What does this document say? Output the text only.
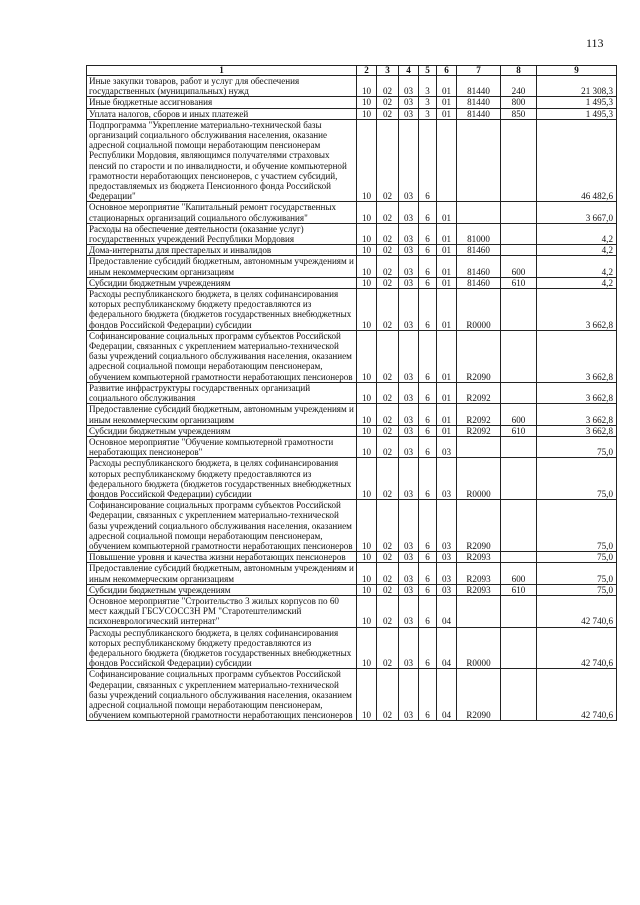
113
1	2	3	4	5	6	7	8	9
Иные закупки товаров, работ и услуг для обеспечения государственных (муниципальных) нужд	10	02	03	3	01	81440	240	21 308,3
Иные бюджетные ассигнования	10	02	03	3	01	81440	800	1 495,3
Уплата налогов, сборов и иных платежей	10	02	03	3	01	81440	850	1 495,3
Подпрограмма "Укрепление материально-технической базы организаций социального обслуживания населения, оказание адресной социальной помощи неработающим пенсионерам Республики Мордовия, являющимся получателями страховых пенсий по старости и по инвалидности, и обучение компьютерной грамотности неработающих пенсионеров, с участием субсидий, предоставляемых из бюджета Пенсионного фонда Российской Федерации"	10	02	03	6				46 482,6
Основное мероприятие "Капитальный ремонт государственных стационарных организаций социального обслуживания"	10	02	03	6	01			3 667,0
Расходы на обеспечение деятельности (оказание услуг) государственных учреждений Республики Мордовия	10	02	03	6	01	81000		4,2
Дома-интернаты для престарелых и инвалидов	10	02	03	6	01	81460		4,2
Предоставление субсидий бюджетным, автономным учреждениям и иным некоммерческим организациям	10	02	03	6	01	81460	600	4,2
Субсидии бюджетным учреждениям	10	02	03	6	01	81460	610	4,2
Расходы республиканского бюджета, в целях софинансирования которых республиканскому бюджету предоставляются из федерального бюджета (бюджетов государственных внебюджетных фондов Российской Федерации) субсидии	10	02	03	6	01	R0000		3 662,8
Софинансирование социальных программ субъектов Российской Федерации, связанных с укреплением материально-технической базы учреждений социального обслуживания населения, оказанием адресной социальной помощи неработающим пенсионерам, обучением компьютерной грамотности неработающих пенсионеров	10	02	03	6	01	R2090		3 662,8
Развитие инфраструктуры государственных организаций социального обслуживания	10	02	03	6	01	R2092		3 662,8
Предоставление субсидий бюджетным, автономным учреждениям и иным некоммерческим организациям	10	02	03	6	01	R2092	600	3 662,8
Субсидии бюджетным учреждениям	10	02	03	6	01	R2092	610	3 662,8
Основное мероприятие "Обучение компьютерной грамотности неработающих пенсионеров"	10	02	03	6	03			75,0
Расходы республиканского бюджета, в целях софинансирования которых республиканскому бюджету предоставляются из федерального бюджета (бюджетов государственных внебюджетных фондов Российской Федерации) субсидии	10	02	03	6	03	R0000		75,0
Софинансирование социальных программ субъектов Российской Федерации, связанных с укреплением материально-технической базы учреждений социального обслуживания населения, оказанием адресной социальной помощи неработающим пенсионерам, обучением компьютерной грамотности неработающих пенсионеров	10	02	03	6	03	R2090		75,0
Повышение уровня и качества жизни неработающих пенсионеров	10	02	03	6	03	R2093		75,0
Предоставление субсидий бюджетным, автономным учреждениям и иным некоммерческим организациям	10	02	03	6	03	R2093	600	75,0
Субсидии бюджетным учреждениям	10	02	03	6	03	R2093	610	75,0
Основное мероприятие "Строительство 3 жилых корпусов по 60 мест каждый ГБСУСОССЗН РМ "Старотештелимский психоневрологический интернат"	10	02	03	6	04			42 740,6
Расходы республиканского бюджета, в целях софинансирования которых республиканскому бюджету предоставляются из федерального бюджета (бюджетов государственных внебюджетных фондов Российской Федерации) субсидии	10	02	03	6	04	R0000		42 740,6
Софинансирование социальных программ субъектов Российской Федерации, связанных с укреплением материально-технической базы учреждений социального обслуживания населения, оказанием адресной социальной помощи неработающим пенсионерам, обучением компьютерной грамотности неработающих пенсионеров	10	02	03	6	04	R2090		42 740,6
